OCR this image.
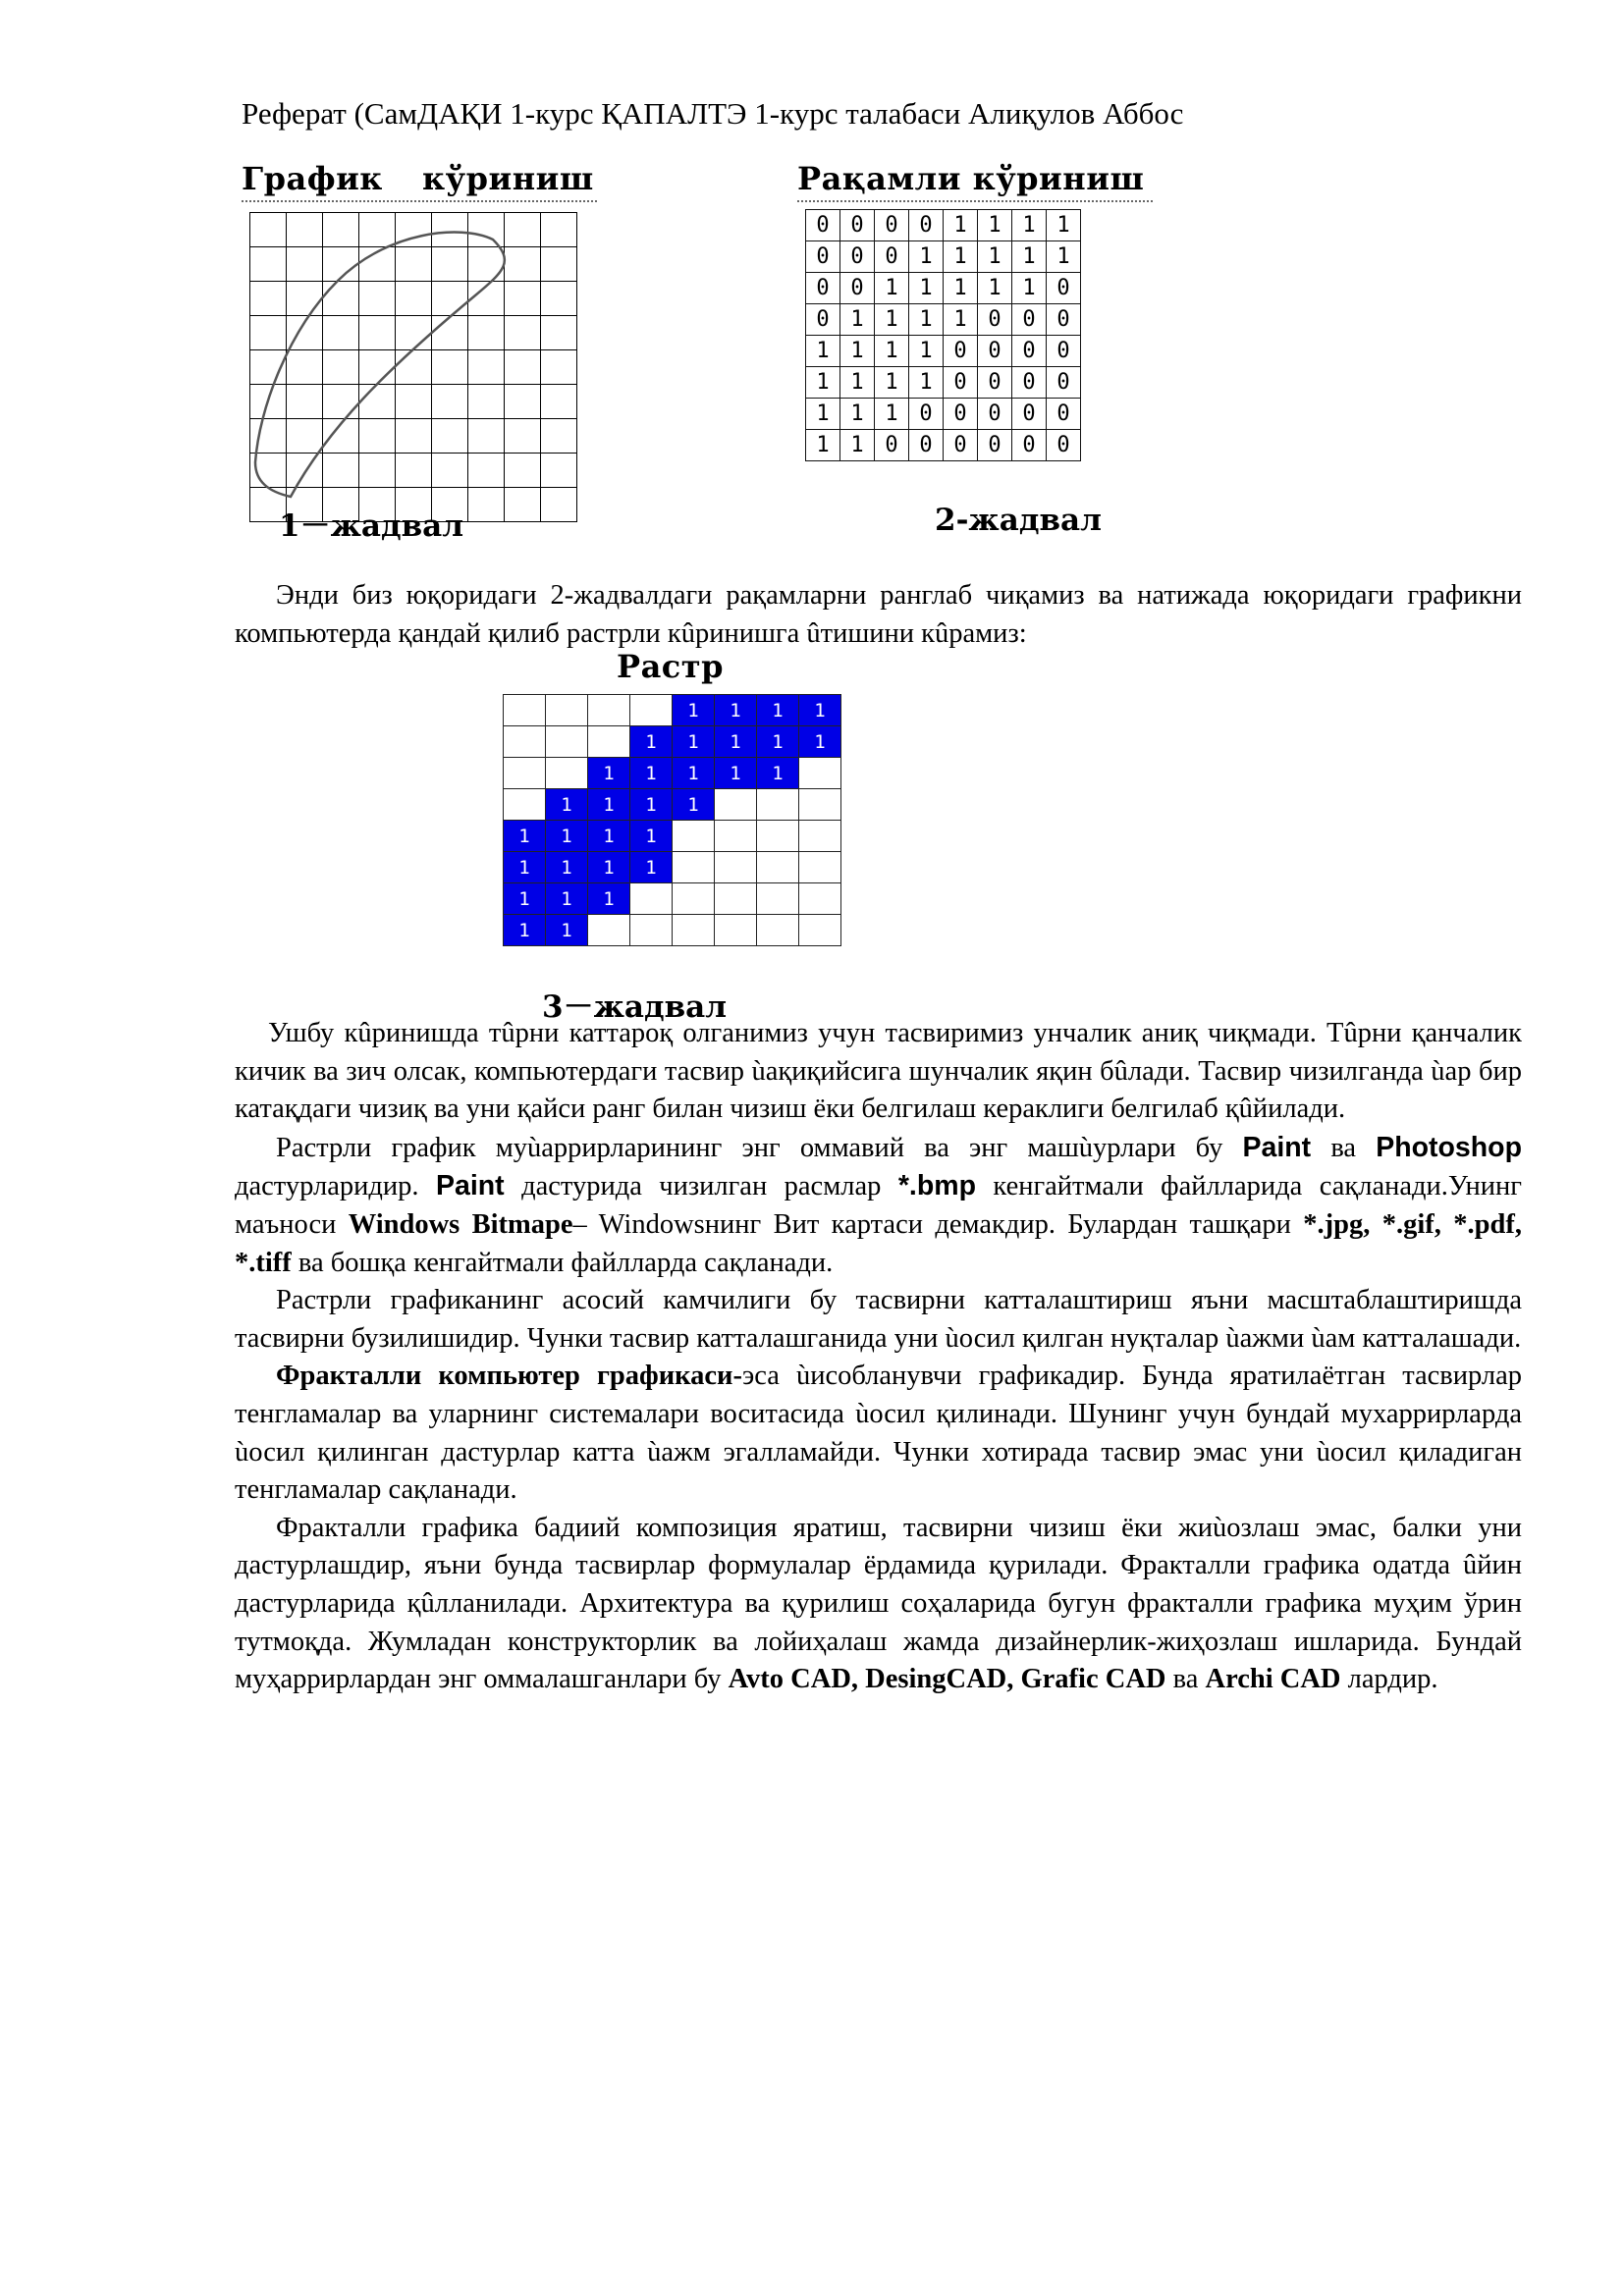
Реферат (СамДАҚИ 1-курс ҚАПАЛТЭ 1-курс талабаси Алиқулов Аббос
График кўриниш

1－жадвал
Рақамли кўриниш
0	0	0	0	1	1	1	1
0	0	0	1	1	1	1	1
0	0	1	1	1	1	1	0
0	1	1	1	1	0	0	0
1	1	1	1	0	0	0	0
1	1	1	1	0	0	0	0
1	1	1	0	0	0	0	0
1	1	0	0	0	0	0	0
2-жадвал

Энди биз юқоридаги 2-жадвалдаги рақамларни ранглаб чиқамиз ва натижада юқоридаги графикни компьютерда қандай қилиб растрли кûринишга ûтишини кûрамиз:

Растр
				1	1	1	1
			1	1	1	1	1
		1	1	1	1	1	
	1	1	1	1			
1	1	1	1				
1	1	1	1				
1	1	1					
1	1						
3－жадвал

Ушбу кûринишда тûрни каттароқ олганимиз учун тасвиримиз унчалик аниқ чиқмади. Тûрни қанчалик кичик ва зич олсак, компьютердаги тасвир ùақиқийсига шунчалик яқин бûлади. Тасвир чизилганда ùар бир катақдаги чизиқ ва уни қайси ранг билан чизиш ёки белгилаш кераклиги белгилаб қûйилади.

Растрли график муùаррирларининг энг оммавий ва энг машùурлари бу Paint ва Photoshop дастурларидир. Paint дастурида чизилган расмлар *.bmp кенгайтмали файлларида сақланади.Унинг маъноси Windows Bitmape– Windowsнинг Вит картаси демакдир. Булардан ташқари *.jpg, *.gif, *.pdf, *.tiff ва бошқа кенгайтмали файлларда сақланади.

Растрли графиканинг асосий камчилиги бу тасвирни катталаштириш яъни масштаблаштиришда тасвирни бузилишидир. Чунки тасвир катталашганида уни ùосил қилган нуқталар ùажми ùам катталашади.

Фракталли компьютер графикаси-эса ùисобланувчи графикадир. Бунда яратилаётган тасвирлар тенгламалар ва уларнинг системалари воситасида ùосил қилинади. Шунинг учун бундай мухаррирларда ùосил қилинган дастурлар катта ùажм эгалламайди. Чунки хотирада тасвир эмас уни ùосил қиладиган тенгламалар сақланади.

Фракталли графика бадиий композиция яратиш, тасвирни чизиш ёки жиùозлаш эмас, балки уни дастурлашдир, яъни бунда тасвирлар формулалар ёрдамида қурилади. Фракталли графика одатда ûйин дастурларида қûлланилади. Архитектура ва қурилиш соҳаларида бугун фракталли графика муҳим ўрин тутмоқда. Жумладан конструкторлик ва лойиҳалаш жамда дизайнерлик-жиҳозлаш ишларида. Бундай муҳаррирлардан энг оммалашганлари бу Avto CAD, DesingCAD, Grafic CAD ва Archi CAD лардир.
